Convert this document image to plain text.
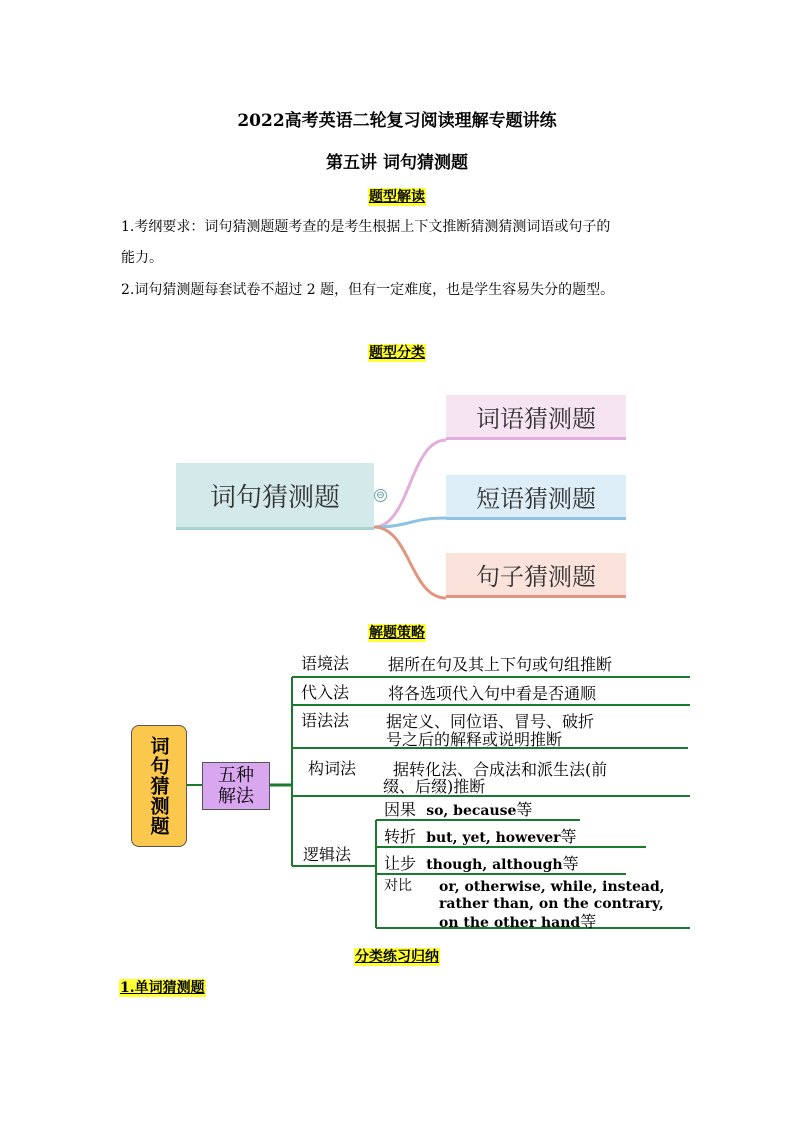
2022高考英语二轮复习阅读理解专题讲练
第五讲 词句猜测题
题型解读
1.考纲要求：词句猜测题题考查的是考生根据上下文推断猜测猜测词语或句子的
能力。
2.词句猜测题每套试卷不超过 2 题，但有一定难度，也是学生容易失分的题型。
题型分类
词句猜测题	⊖
词语猜测题
短语猜测题
句子猜测题
解题策略
词句猜测题	五种
解法
语境法 据所在句及其上下句或句组推断
代入法 将各选项代入句中看是否通顺
语法法 据定义、同位语、冒号、破折
号之后的解释或说明推断
构词法 据转化法、合成法和派生法(前
缀、后缀)推断
逻辑法
因果 so, because等
转折 but, yet, however等
让步 though, although等
对比 or, otherwise, while, instead,
rather than, on the contrary,
on the other hand等
分类练习归纳
1.单词猜测题
